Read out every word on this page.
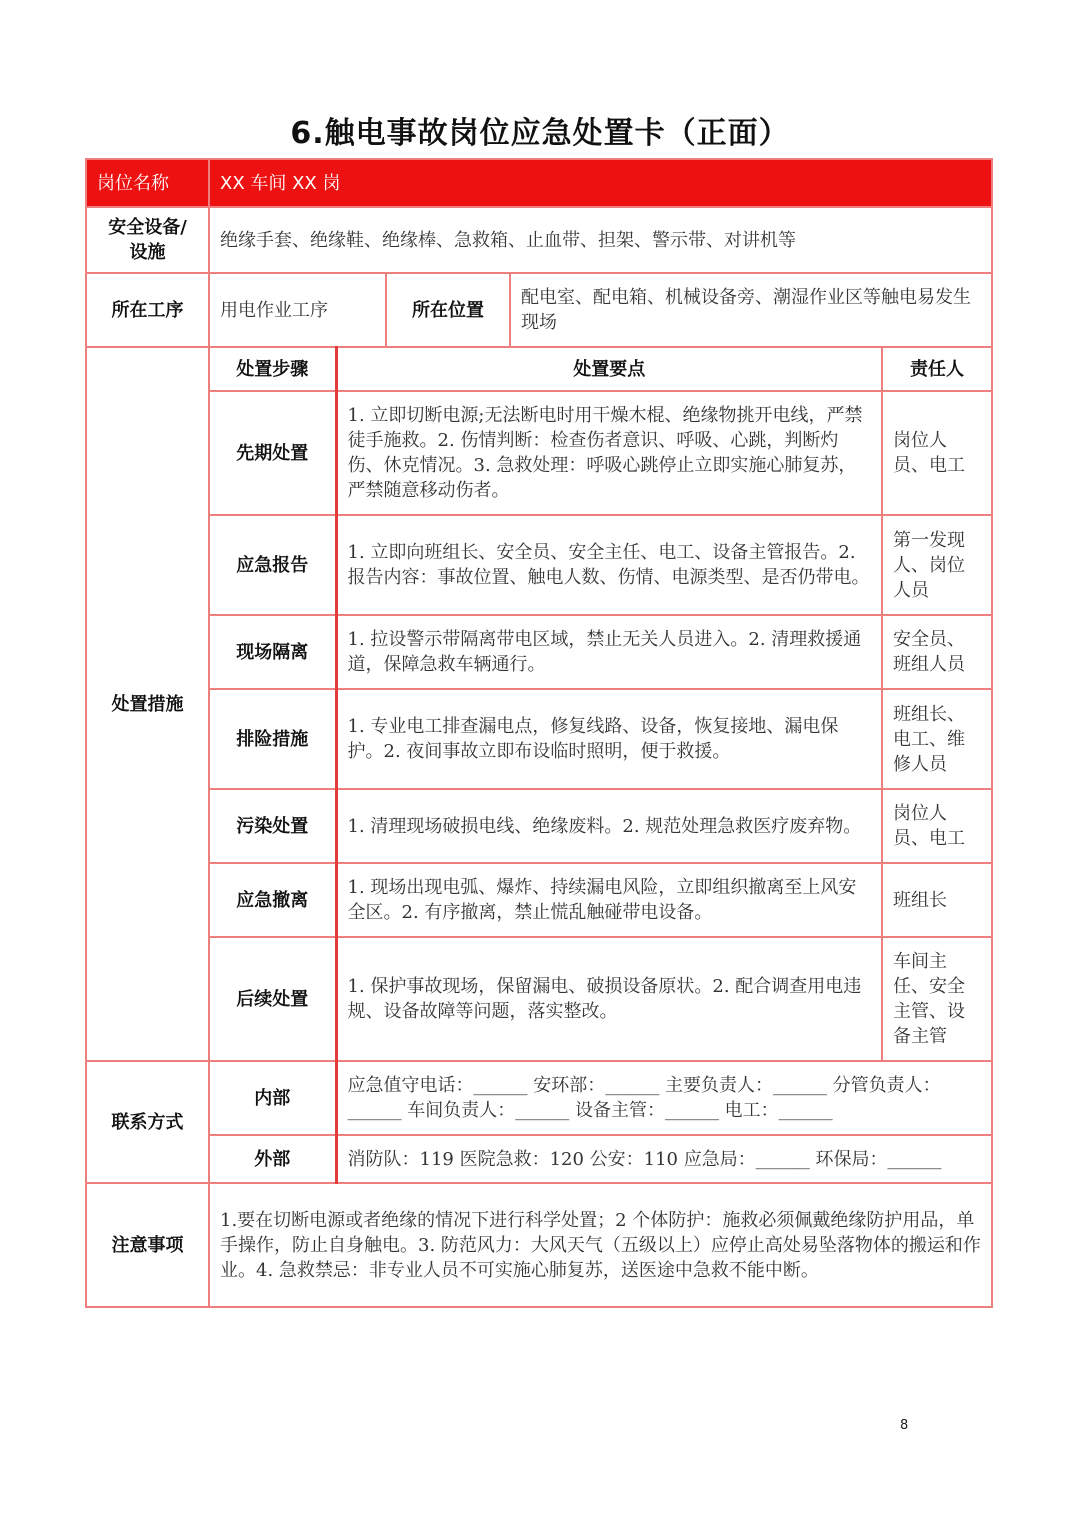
6.触电事故岗位应急处置卡（正面）
岗位名称	XX 车间 XX 岗				
安全设备/设施	绝缘手套、绝缘鞋、绝缘棒、急救箱、止血带、担架、警示带、对讲机等				
所在工序	用电作业工序		所在位置	配电室、配电箱、机械设备旁、潮湿作业区等触电易发生现场	
处置措施	处置步骤	处置要点			责任人
	先期处置	1. 立即切断电源;无法断电时用干燥木棍、绝缘物挑开电线，严禁徒手施救。2. 伤情判断：检查伤者意识、呼吸、心跳，判断灼伤、休克情况。3. 急救处理：呼吸心跳停止立即实施心肺复苏，严禁随意移动伤者。			岗位人员、电工
	应急报告	1. 立即向班组长、安全员、安全主任、电工、设备主管报告。2. 报告内容：事故位置、触电人数、伤情、电源类型、是否仍带电。			第一发现人、岗位人员
	现场隔离	1. 拉设警示带隔离带电区域，禁止无关人员进入。2. 清理救援通道，保障急救车辆通行。			安全员、班组人员
	排险措施	1. 专业电工排查漏电点，修复线路、设备，恢复接地、漏电保护。2. 夜间事故立即布设临时照明，便于救援。			班组长、电工、维修人员
	污染处置	1. 清理现场破损电线、绝缘废料。2. 规范处理急救医疗废弃物。			岗位人员、电工
	应急撤离	1. 现场出现电弧、爆炸、持续漏电风险，立即组织撤离至上风安全区。2. 有序撤离，禁止慌乱触碰带电设备。			班组长
	后续处置	1. 保护事故现场，保留漏电、破损设备原状。2. 配合调查用电违规、设备故障等问题，落实整改。			车间主任、安全主管、设备主管
联系方式	内部	应急值守电话：______ 安环部：______ 主要负责人：______ 分管负责人：______ 车间负责人：______ 设备主管：______ 电工：______			
	外部	消防队：119 医院急救：120 公安：110 应急局：______ 环保局：______			
注意事项	1.要在切断电源或者绝缘的情况下进行科学处置；2 个体防护：施救必须佩戴绝缘防护用品，单手操作，防止自身触电。3. 防范风力：大风天气（五级以上）应停止高处易坠落物体的搬运和作业。4. 急救禁忌：非专业人员不可实施心肺复苏，送医途中急救不能中断。				
8
